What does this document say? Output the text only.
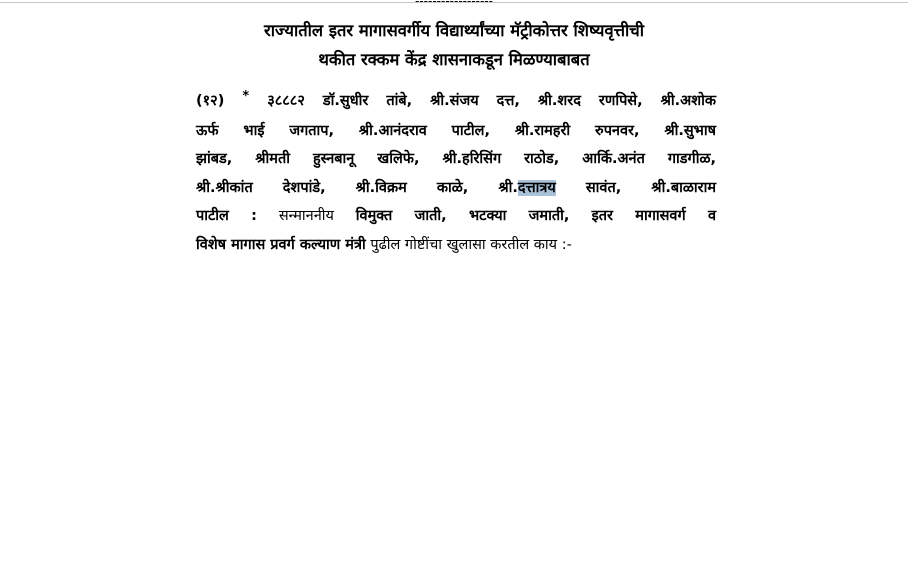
------------------
राज्यातील इतर मागासवर्गीय विद्यार्थ्यांच्या मॅट्रीकोत्तर शिष्यवृत्तीची
थकीत रक्कम केंद्र शासनाकडून मिळण्याबाबत
(१२) * ३८८८२ डॉ.सुधीर तांबे, श्री.संजय दत्त, श्री.शरद रणपिसे, श्री.अशोक
ऊर्फ भाई जगताप, श्री.आनंदराव पाटील, श्री.रामहरी रुपनवर, श्री.सुभाष
झांबड, श्रीमती हुस्नबानू खलिफे, श्री.हरिसिंग राठोड, आर्कि.अनंत गाडगीळ,
श्री.श्रीकांत देशपांडे, श्री.विक्रम काळे, श्री.दत्तात्रय सावंत, श्री.बाळाराम
पाटील : सन्माननीय विमुक्त जाती, भटक्या जमाती, इतर मागासवर्ग व
विशेष मागास प्रवर्ग कल्याण मंत्री पुढील गोष्टींचा खुलासा करतील काय :-
